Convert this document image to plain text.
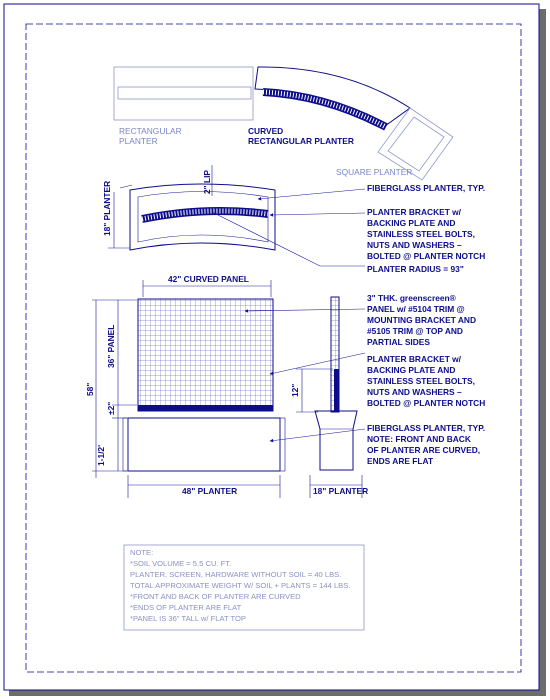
RECTANGULAR
PLANTER
CURVED
RECTANGULAR PLANTER
SQUARE PLANTER
18" PLANTER	2" LIP	FIBERGLASS PLANTER, TYP.
PLANTER BRACKET w/
BACKING PLATE AND
STAINLESS STEEL BOLTS,
NUTS AND WASHERS –
BOLTED @ PLANTER NOTCH
PLANTER RADIUS = 93"
42" CURVED PANEL
58"
36" PANEL
±2"
1-1/2'
48" PLANTER
12"
18" PLANTER
3" THK. greenscreen®
PANEL w/ #5104 TRIM @
MOUNTING BRACKET AND
#5105 TRIM @ TOP AND
PARTIAL SIDES
PLANTER BRACKET w/
BACKING PLATE AND
STAINLESS STEEL BOLTS,
NUTS AND WASHERS –
BOLTED @ PLANTER NOTCH
FIBERGLASS PLANTER, TYP.
NOTE: FRONT AND BACK
OF PLANTER ARE CURVED,
ENDS ARE FLAT
NOTE:
*SOIL VOLUME = 5.5 CU. FT.
PLANTER, SCREEN, HARDWARE WITHOUT SOIL = 40 LBS.
TOTAL APPROXIMATE WEIGHT W/ SOIL + PLANTS = 144 LBS.
*FRONT AND BACK OF PLANTER ARE CURVED
*ENDS OF PLANTER ARE FLAT
*PANEL IS 36" TALL w/ FLAT TOP
